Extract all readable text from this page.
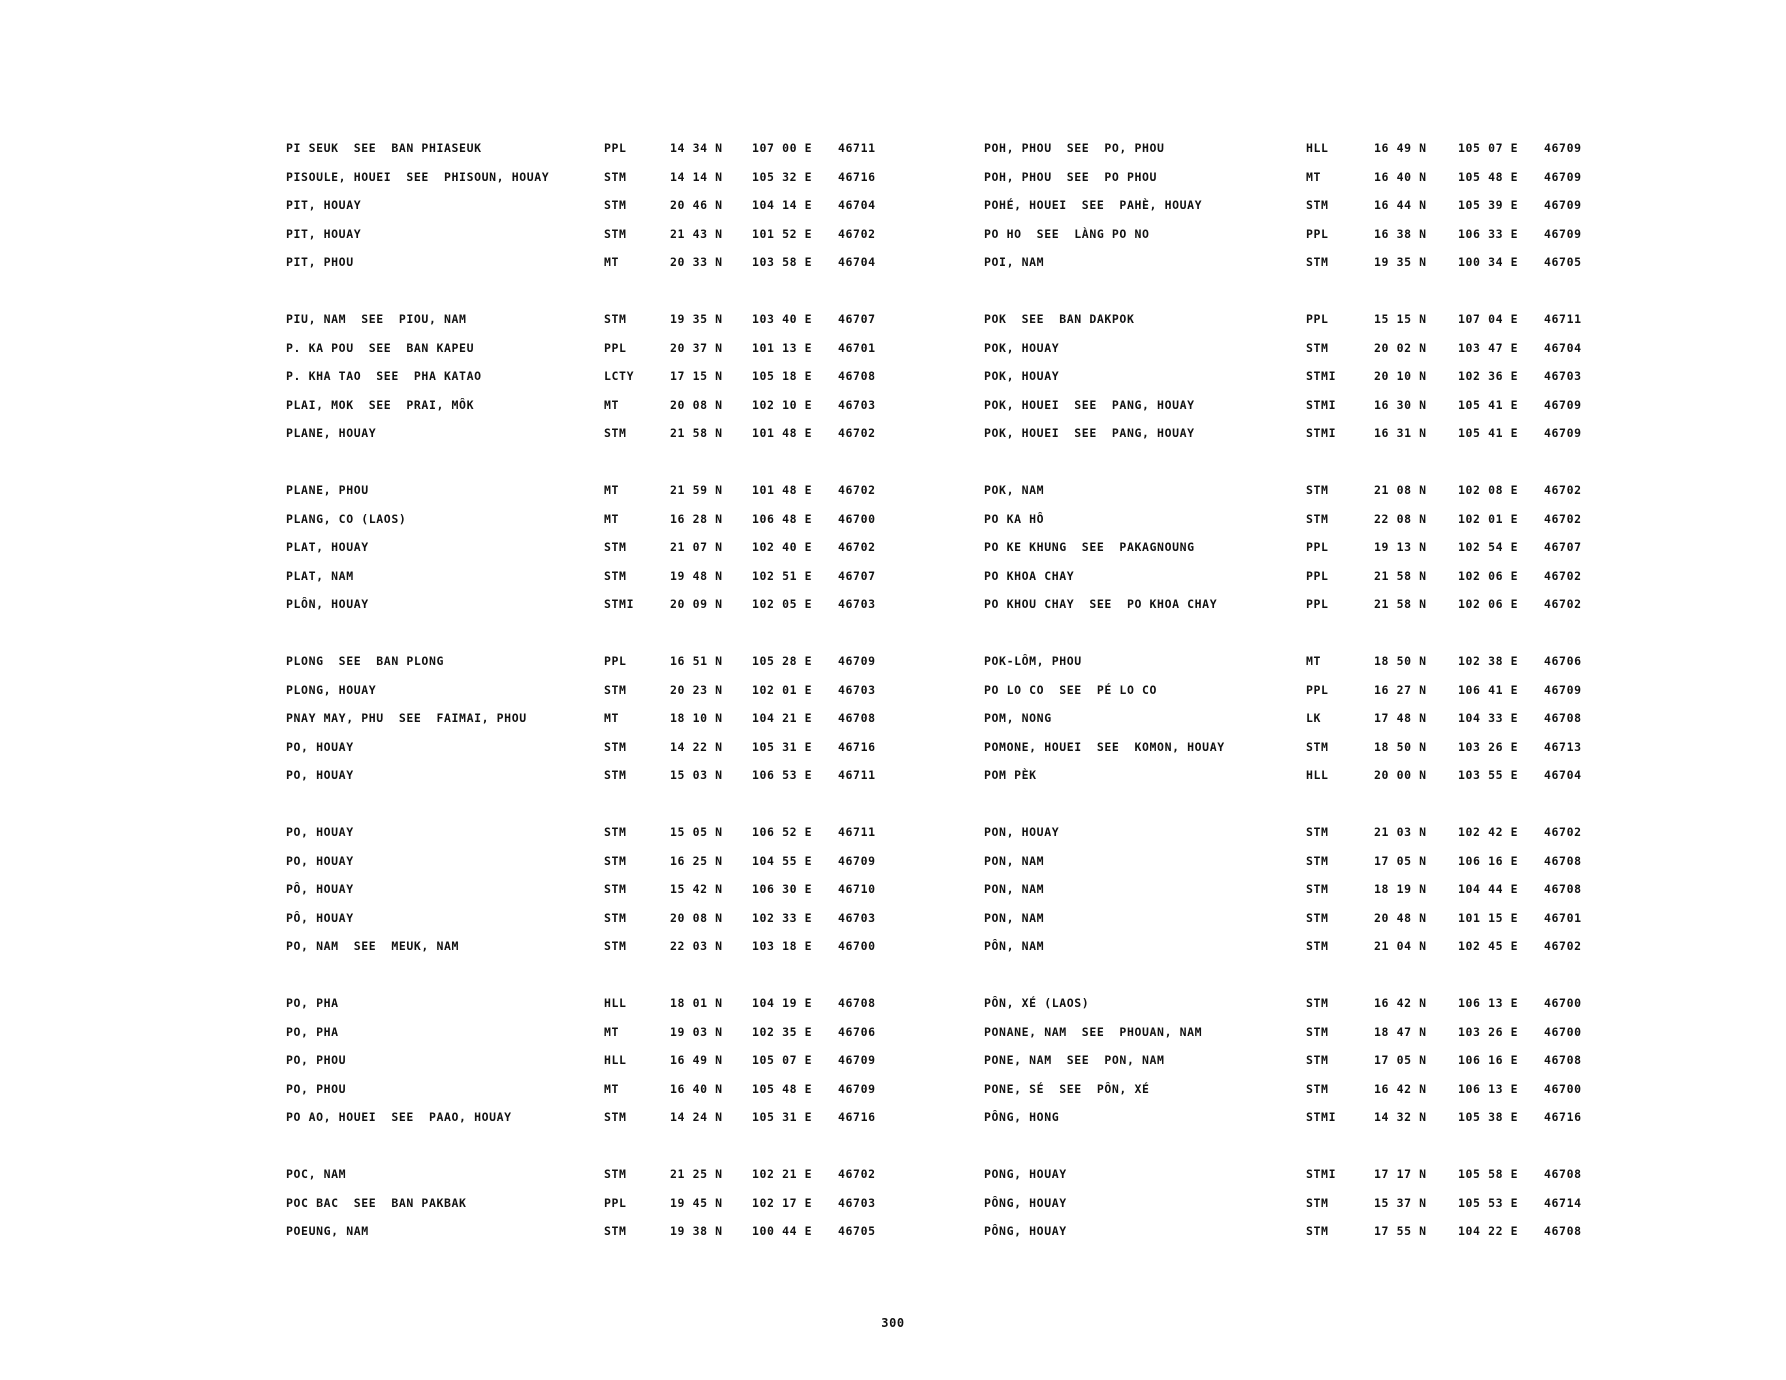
PI SEUK  SEE  BAN PHIASEUK	PPL	14 34 N	107 00 E 46711
PISOULE, HOUEI  SEE  PHISOUN, HOUAY	STM	14 14 N	105 32 E 46716
PIT, HOUAY	STM	20 46 N	104 14 E 46704
PIT, HOUAY	STM	21 43 N	101 52 E 46702
PIT, PHOU	MT	20 33 N	103 58 E 46704
PIU, NAM  SEE  PIOU, NAM	STM	19 35 N	103 40 E 46707
P. KA POU  SEE  BAN KAPEU	PPL	20 37 N	101 13 E 46701
P. KHA TAO  SEE  PHA KATAO	LCTY	17 15 N	105 18 E 46708
PLAI, MOK  SEE  PRAI, MÔK	MT	20 08 N	102 10 E 46703
PLANE, HOUAY	STM	21 58 N	101 48 E 46702
PLANE, PHOU	MT	21 59 N	101 48 E 46702
PLANG, CO (LAOS)	MT	16 28 N	106 48 E 46700
PLAT, HOUAY	STM	21 07 N	102 40 E 46702
PLAT, NAM	STM	19 48 N	102 51 E 46707
PLÔN, HOUAY	STMI	20 09 N	102 05 E 46703
PLONG  SEE  BAN PLONG	PPL	16 51 N	105 28 E 46709
PLONG, HOUAY	STM	20 23 N	102 01 E 46703
PNAY MAY, PHU  SEE  FAIMAI, PHOU	MT	18 10 N	104 21 E 46708
PO, HOUAY	STM	14 22 N	105 31 E 46716
PO, HOUAY	STM	15 03 N	106 53 E 46711
PO, HOUAY	STM	15 05 N	106 52 E 46711
PO, HOUAY	STM	16 25 N	104 55 E 46709
PÔ, HOUAY	STM	15 42 N	106 30 E 46710
PÔ, HOUAY	STM	20 08 N	102 33 E 46703
PO, NAM  SEE  MEUK, NAM	STM	22 03 N	103 18 E 46700
PO, PHA	HLL	18 01 N	104 19 E 46708
PO, PHA	MT	19 03 N	102 35 E 46706
PO, PHOU	HLL	16 49 N	105 07 E 46709
PO, PHOU	MT	16 40 N	105 48 E 46709
PO AO, HOUEI  SEE  PAAO, HOUAY	STM	14 24 N	105 31 E 46716
POC, NAM	STM	21 25 N	102 21 E 46702
POC BAC  SEE  BAN PAKBAK	PPL	19 45 N	102 17 E 46703
POEUNG, NAM	STM	19 38 N	100 44 E 46705
POH, PHOU  SEE  PO, PHOU	HLL	16 49 N	105 07 E 46709
POH, PHOU  SEE  PO PHOU	MT	16 40 N	105 48 E 46709
POHÉ, HOUEI  SEE  PAHÈ, HOUAY	STM	16 44 N	105 39 E 46709
PO HO  SEE  LÀNG PO NO	PPL	16 38 N	106 33 E 46709
POI, NAM	STM	19 35 N	100 34 E 46705
POK  SEE  BAN DAKPOK	PPL	15 15 N	107 04 E 46711
POK, HOUAY	STM	20 02 N	103 47 E 46704
POK, HOUAY	STMI	20 10 N	102 36 E 46703
POK, HOUEI  SEE  PANG, HOUAY	STMI	16 30 N	105 41 E 46709
POK, HOUEI  SEE  PANG, HOUAY	STMI	16 31 N	105 41 E 46709
POK, NAM	STM	21 08 N	102 08 E 46702
PO KA HÔ	STM	22 08 N	102 01 E 46702
PO KE KHUNG  SEE  PAKAGNOUNG	PPL	19 13 N	102 54 E 46707
PO KHOA CHAY	PPL	21 58 N	102 06 E 46702
PO KHOU CHAY  SEE  PO KHOA CHAY	PPL	21 58 N	102 06 E 46702
POK-LÔM, PHOU	MT	18 50 N	102 38 E 46706
PO LO CO  SEE  PÉ LO CO	PPL	16 27 N	106 41 E 46709
POM, NONG	LK	17 48 N	104 33 E 46708
POMONE, HOUEI  SEE  KOMON, HOUAY	STM	18 50 N	103 26 E 46713
POM PÈK	HLL	20 00 N	103 55 E 46704
PON, HOUAY	STM	21 03 N	102 42 E 46702
PON, NAM	STM	17 05 N	106 16 E 46708
PON, NAM	STM	18 19 N	104 44 E 46708
PON, NAM	STM	20 48 N	101 15 E 46701
PÔN, NAM	STM	21 04 N	102 45 E 46702
PÔN, XÉ (LAOS)	STM	16 42 N	106 13 E 46700
PONANE, NAM  SEE  PHOUAN, NAM	STM	18 47 N	103 26 E 46700
PONE, NAM  SEE  PON, NAM	STM	17 05 N	106 16 E 46708
PONE, SÉ  SEE  PÔN, XÉ	STM	16 42 N	106 13 E 46700
PÔNG, HONG	STMI	14 32 N	105 38 E 46716
PONG, HOUAY	STMI	17 17 N	105 58 E 46708
PÔNG, HOUAY	STM	15 37 N	105 53 E 46714
PÔNG, HOUAY	STM	17 55 N	104 22 E 46708
300
